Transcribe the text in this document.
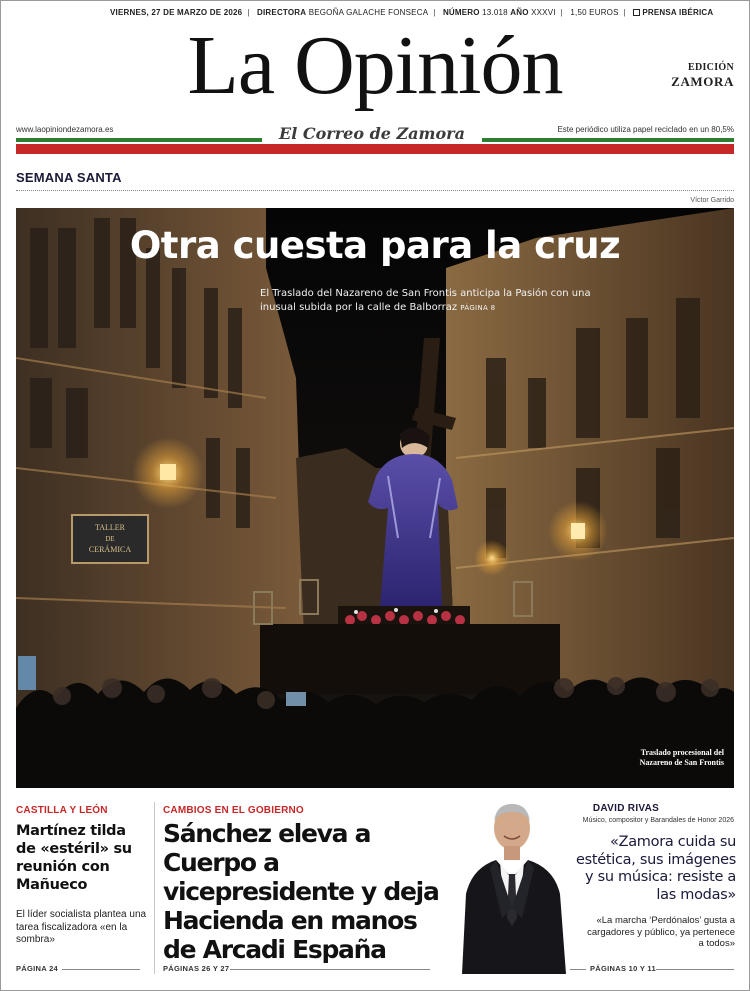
VIERNES, 27 DE MARZO DE 2026 | DIRECTORA BEGOÑA GALACHE FONSECA | NÚMERO 13.018 AÑO XXXVI | 1,50 EUROS | PRENSA IBÉRICA
La Opinión
El Correo de Zamora
EDICIÓN
ZAMORA
www.laopiniondezamora.es	Este periódico utiliza papel reciclado en un 80,5%
SEMANA SANTA
Víctor Garrido
TALLER
DE
CERÁMICA
Otra cuesta para la cruz
El Traslado del Nazareno de San Frontis anticipa la Pasión con una inusual subida por la calle de Balborraz PÁGINA 8
Traslado procesional del Nazareno de San Frontis
CASTILLA Y LEÓN
Martínez tilda de «estéril» su reunión con Mañueco
El líder socialista plantea una tarea fiscalizadora «en la sombra»
PÁGINA 24
CAMBIOS EN EL GOBIERNO
Sánchez eleva a Cuerpo a vicepresidente y deja Hacienda en manos de Arcadi España
PÁGINAS 26 Y 27
DAVID RIVAS
Músico, compositor y Barandales de Honor 2026
«Zamora cuida su estética, sus imágenes y su música: resiste a las modas»
«La marcha ‘Perdónalos’ gusta a cargadores y público, ya pertenece a todos»
PÁGINAS 10 Y 11
